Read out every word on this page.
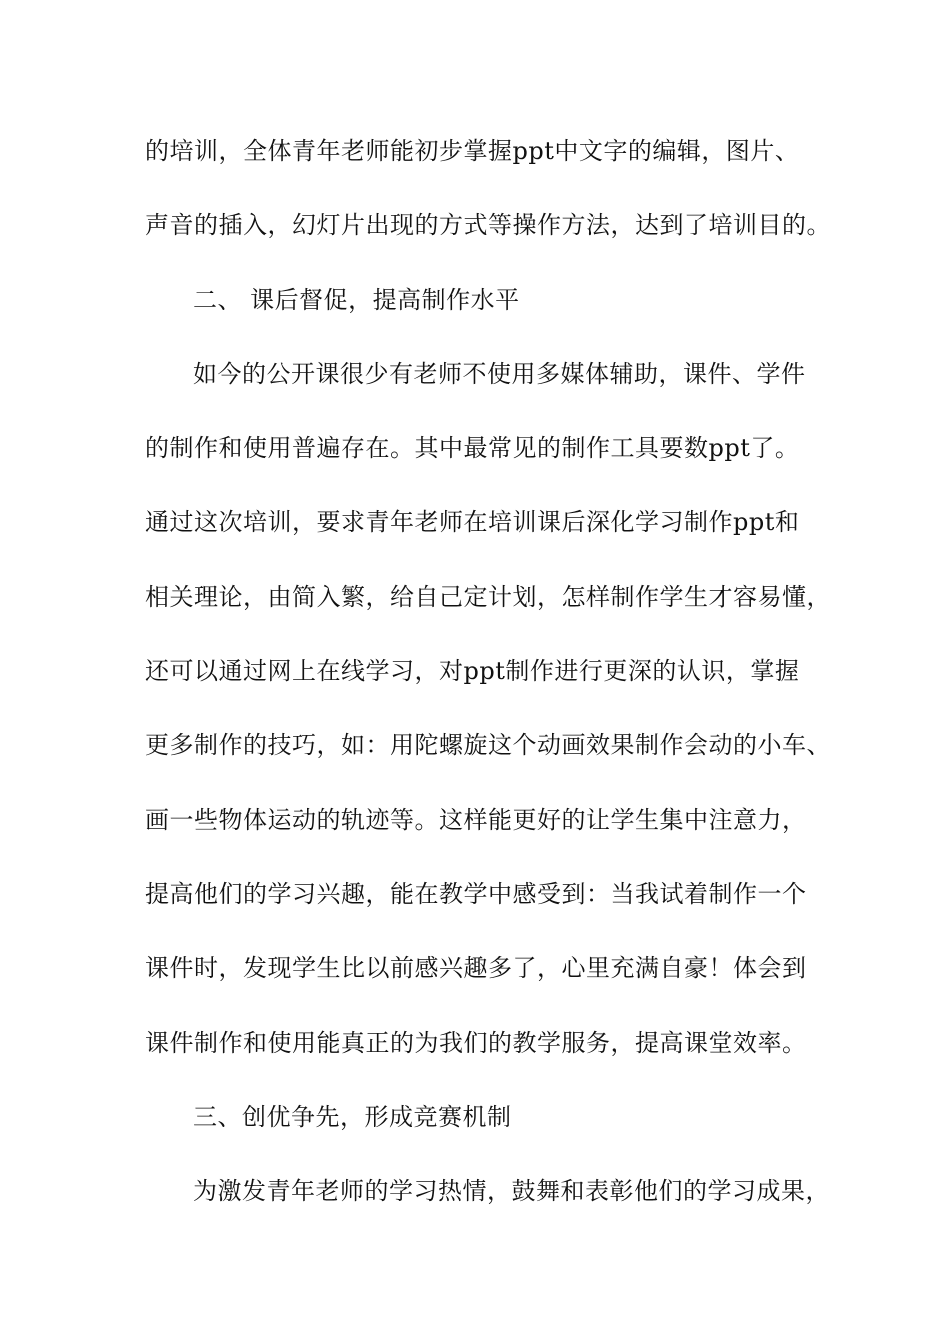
的培训，全体青年老师能初步掌握ppt中文字的编辑，图片、
声音的插入，幻灯片出现的方式等操作方法，达到了培训目的。
二、 课后督促，提高制作水平
如今的公开课很少有老师不使用多媒体辅助，课件、学件
的制作和使用普遍存在。其中最常见的制作工具要数ppt了。
通过这次培训，要求青年老师在培训课后深化学习制作ppt和
相关理论，由简入繁，给自己定计划，怎样制作学生才容易懂，
还可以通过网上在线学习，对ppt制作进行更深的认识，掌握
更多制作的技巧，如：用陀螺旋这个动画效果制作会动的小车、
画一些物体运动的轨迹等。这样能更好的让学生集中注意力，
提高他们的学习兴趣，能在教学中感受到：当我试着制作一个
课件时，发现学生比以前感兴趣多了，心里充满自豪！体会到
课件制作和使用能真正的为我们的教学服务，提高课堂效率。
三、创优争先，形成竞赛机制
为激发青年老师的学习热情，鼓舞和表彰他们的学习成果，
